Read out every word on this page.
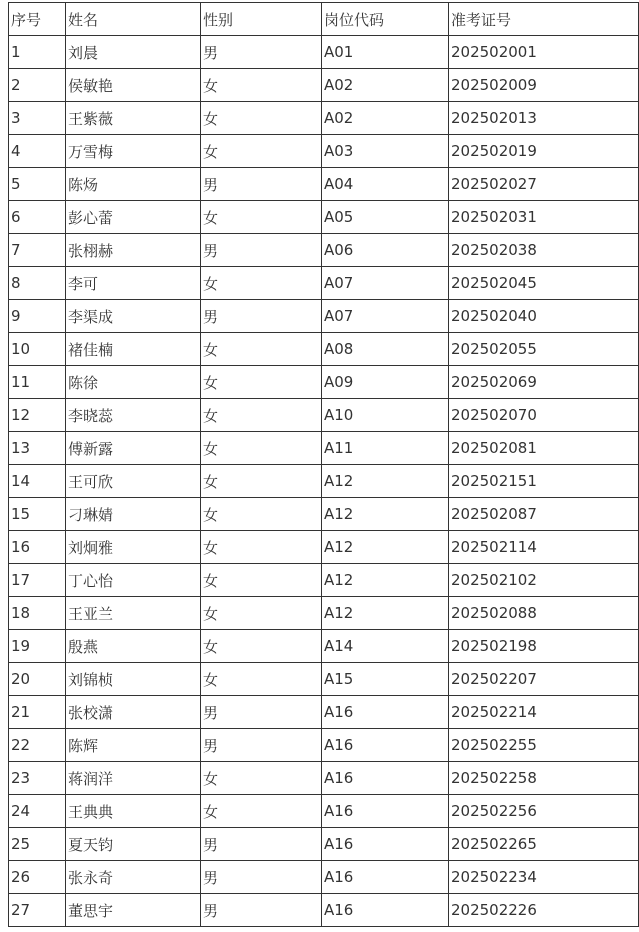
序号	姓名	性别	岗位代码	准考证号
1	刘晨	男	A01	202502001
2	侯敏艳	女	A02	202502009
3	王紫薇	女	A02	202502013
4	万雪梅	女	A03	202502019
5	陈炀	男	A04	202502027
6	彭心蕾	女	A05	202502031
7	张栩赫	男	A06	202502038
8	李可	女	A07	202502045
9	李渠成	男	A07	202502040
10	褚佳楠	女	A08	202502055
11	陈徐	女	A09	202502069
12	李晓蕊	女	A10	202502070
13	傅新露	女	A11	202502081
14	王可欣	女	A12	202502151
15	刁琳婧	女	A12	202502087
16	刘炯雅	女	A12	202502114
17	丁心怡	女	A12	202502102
18	王亚兰	女	A12	202502088
19	殷燕	女	A14	202502198
20	刘锦桢	女	A15	202502207
21	张校潇	男	A16	202502214
22	陈辉	男	A16	202502255
23	蒋润洋	女	A16	202502258
24	王典典	女	A16	202502256
25	夏天钧	男	A16	202502265
26	张永奇	男	A16	202502234
27	董思宇	男	A16	202502226
